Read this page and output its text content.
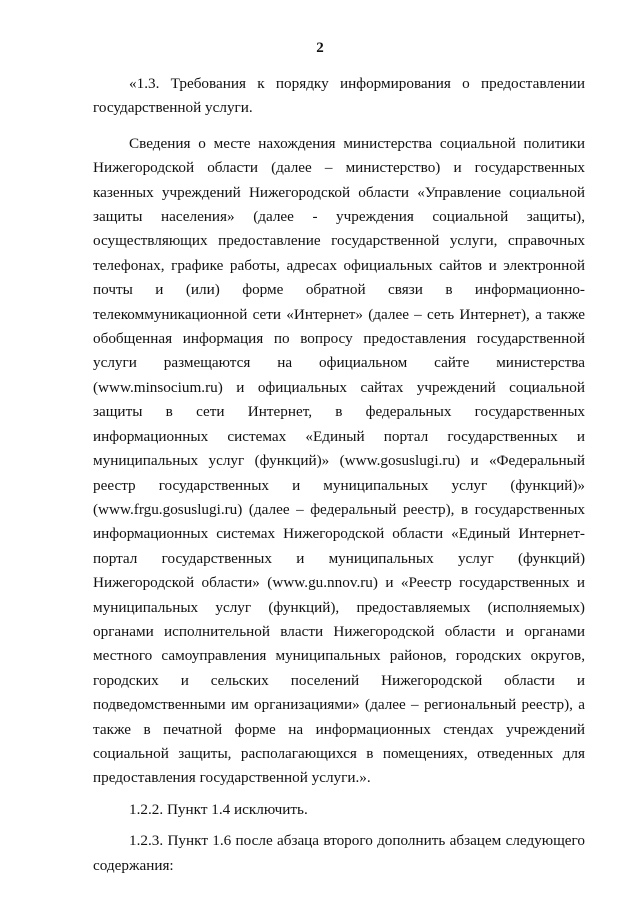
2

«1.3. Требования к порядку информирования о предоставлении государственной услуги.

Сведения о месте нахождения министерства социальной политики Нижегородской области (далее – министерство) и государственных казенных учреждений Нижегородской области «Управление социальной защиты населения» (далее - учреждения социальной защиты), осуществляющих предоставление государственной услуги, справочных телефонах, графике работы, адресах официальных сайтов и электронной почты и (или) форме обратной связи в информационно-телекоммуникационной сети «Интернет» (далее – сеть Интернет), а также обобщенная информация по вопросу предоставления государственной услуги размещаются на официальном сайте министерства (www.minsocium.ru) и официальных сайтах учреждений социальной защиты в сети Интернет, в федеральных государственных информационных системах «Единый портал государственных и муниципальных услуг (функций)» (www.gosuslugi.ru) и «Федеральный реестр государственных и муниципальных услуг (функций)» (www.frgu.gosuslugi.ru) (далее – федеральный реестр), в государственных информационных системах Нижегородской области «Единый Интернет-портал государственных и муниципальных услуг (функций) Нижегородской области» (www.gu.nnov.ru) и «Реестр государственных и муниципальных услуг (функций), предоставляемых (исполняемых) органами исполнительной власти Нижегородской области и органами местного самоуправления муниципальных районов, городских округов, городских и сельских поселений Нижегородской области и подведомственными им организациями» (далее – региональный реестр), а также в печатной форме на информационных стендах учреждений социальной защиты, располагающихся в помещениях, отведенных для предоставления государственной услуги.».

1.2.2. Пункт 1.4 исключить.

1.2.3. Пункт 1.6 после абзаца второго дополнить абзацем следующего содержания:
